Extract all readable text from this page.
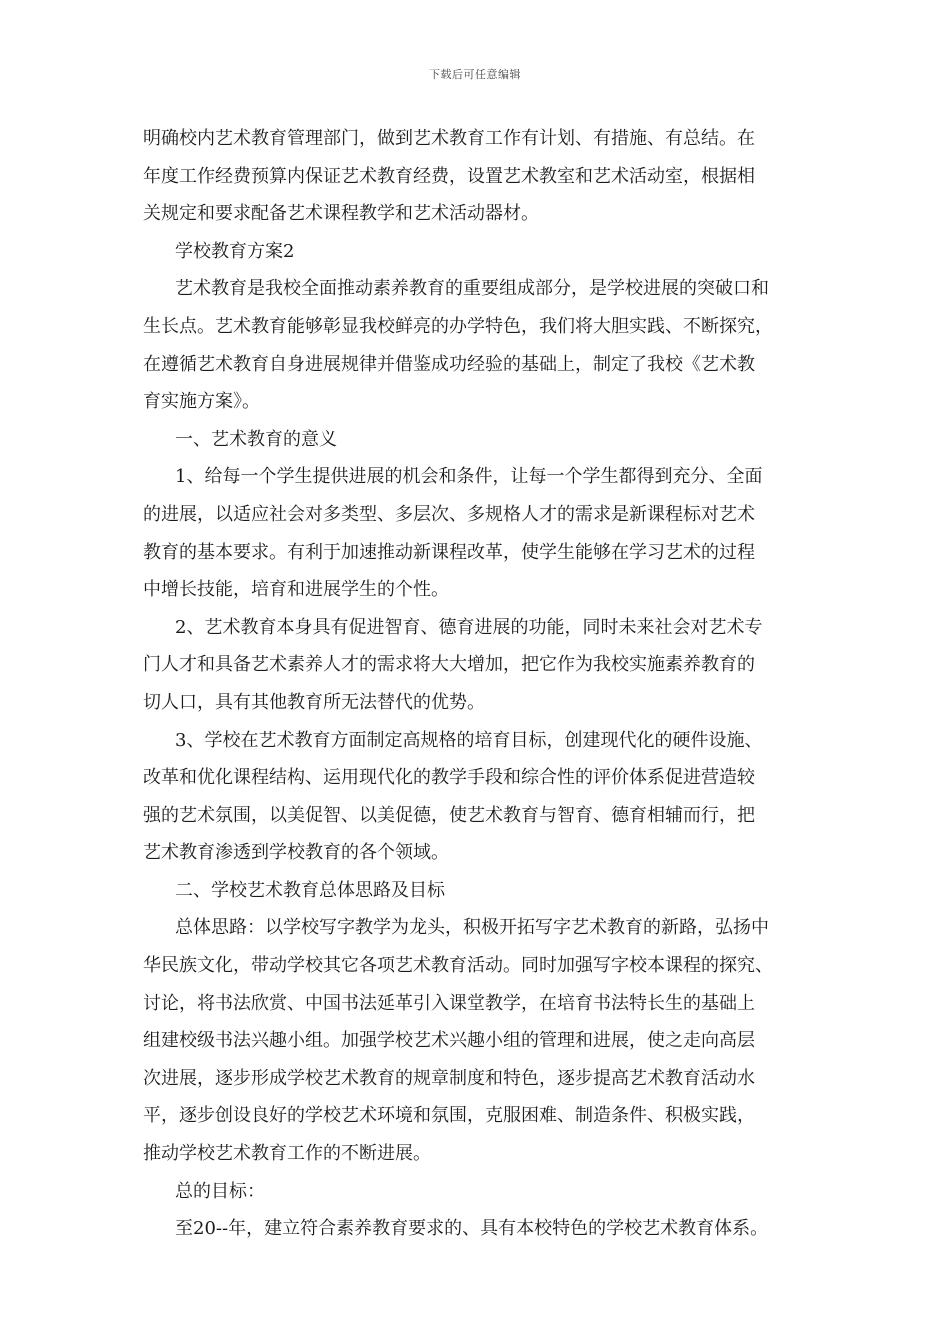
下载后可任意编辑

明确校内艺术教育管理部门，做到艺术教育工作有计划、有措施、有总结。在

年度工作经费预算内保证艺术教育经费，设置艺术教室和艺术活动室，根据相

关规定和要求配备艺术课程教学和艺术活动器材。

学校教育方案2

艺术教育是我校全面推动素养教育的重要组成部分，是学校进展的突破口和

生长点。艺术教育能够彰显我校鲜亮的办学特色，我们将大胆实践、不断探究，

在遵循艺术教育自身进展规律并借鉴成功经验的基础上，制定了我校《艺术教

育实施方案》。

一、艺术教育的意义

1、给每一个学生提供进展的机会和条件，让每一个学生都得到充分、全面

的进展，以适应社会对多类型、多层次、多规格人才的需求是新课程标对艺术

教育的基本要求。有利于加速推动新课程改革，使学生能够在学习艺术的过程

中增长技能，培育和进展学生的个性。

2、艺术教育本身具有促进智育、德育进展的功能，同时未来社会对艺术专

门人才和具备艺术素养人才的需求将大大增加，把它作为我校实施素养教育的

切人口，具有其他教育所无法替代的优势。

3、学校在艺术教育方面制定高规格的培育目标，创建现代化的硬件设施、

改革和优化课程结构、运用现代化的教学手段和综合性的评价体系促进营造较

强的艺术氛围，以美促智、以美促德，使艺术教育与智育、德育相辅而行，把

艺术教育渗透到学校教育的各个领域。

二、学校艺术教育总体思路及目标

总体思路：以学校写字教学为龙头，积极开拓写字艺术教育的新路，弘扬中

华民族文化，带动学校其它各项艺术教育活动。同时加强写字校本课程的探究、

讨论，将书法欣赏、中国书法延革引入课堂教学，在培育书法特长生的基础上

组建校级书法兴趣小组。加强学校艺术兴趣小组的管理和进展，使之走向高层

次进展，逐步形成学校艺术教育的规章制度和特色，逐步提高艺术教育活动水

平，逐步创设良好的学校艺术环境和氛围，克服困难、制造条件、积极实践，

推动学校艺术教育工作的不断进展。

总的目标：

至20--年，建立符合素养教育要求的、具有本校特色的学校艺术教育体系。
